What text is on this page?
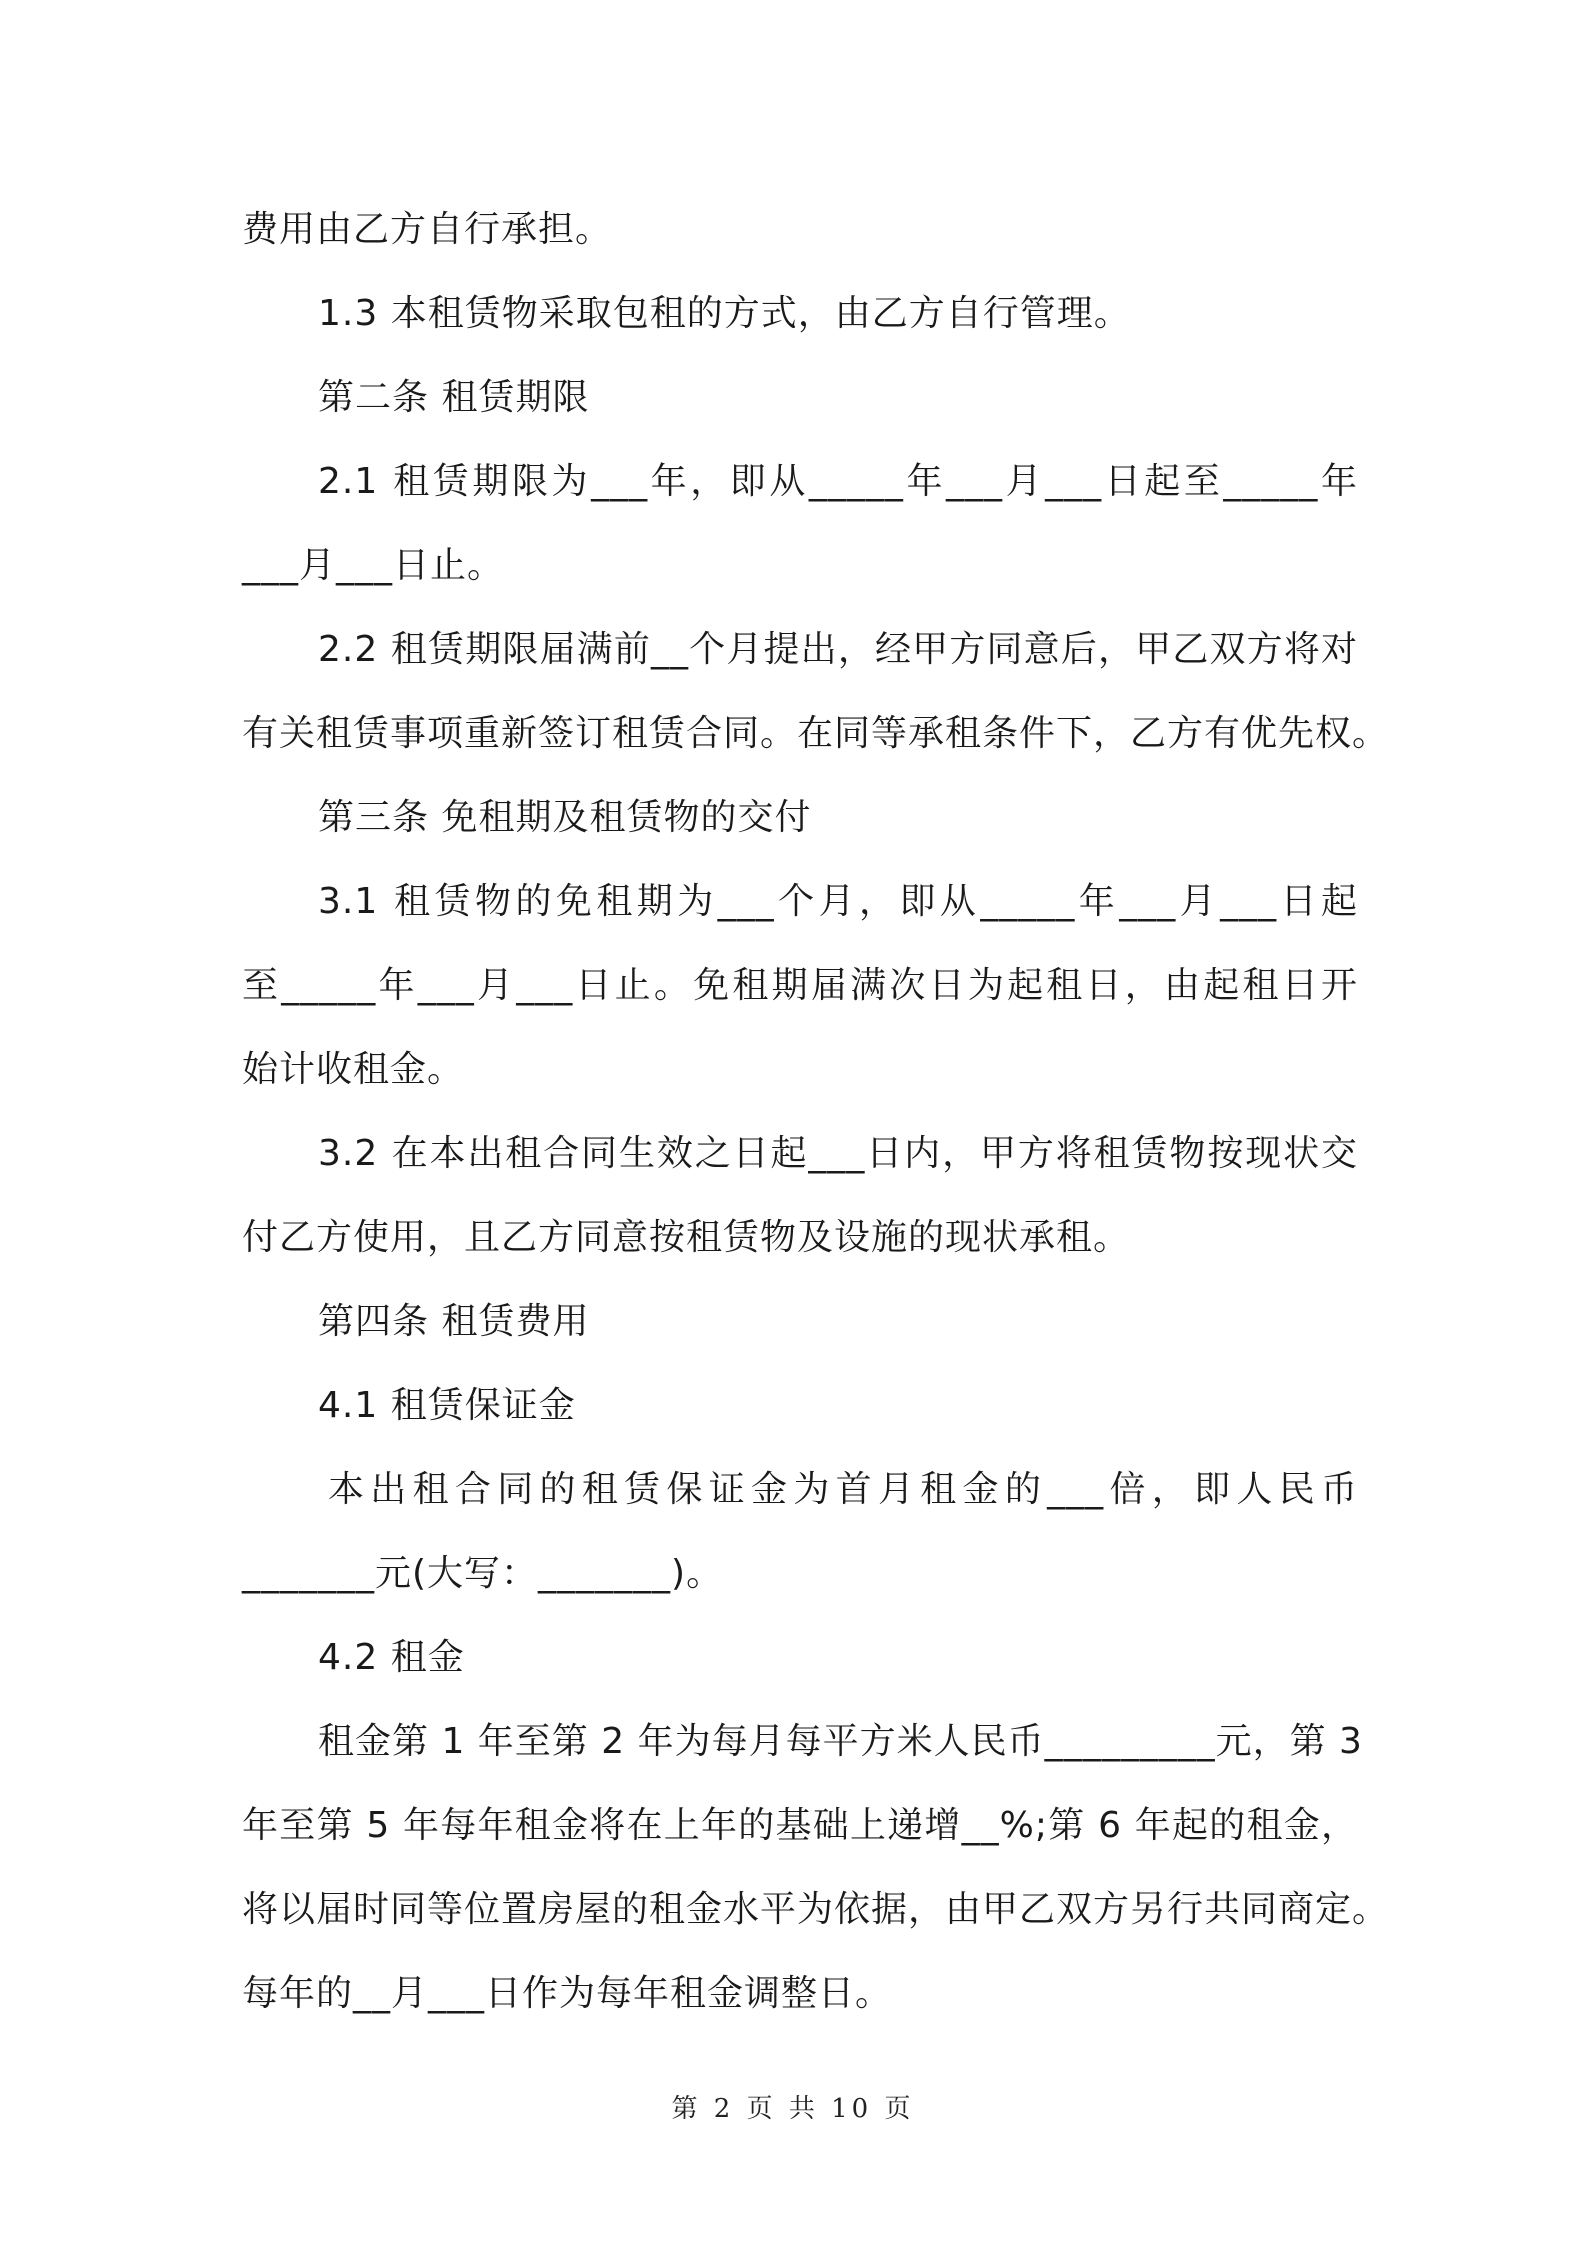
费用由乙方自行承担。
1.3 本租赁物采取包租的方式，由乙方自行管理。
第二条 租赁期限
2.1 租赁期限为___年，即从_____年___月___日起至_____年
___月___日止。
2.2 租赁期限届满前__个月提出，经甲方同意后，甲乙双方将对
有关租赁事项重新签订租赁合同。在同等承租条件下，乙方有优先权。
第三条 免租期及租赁物的交付
3.1 租赁物的免租期为___个月，即从_____年___月___日起
至_____年___月___日止。免租期届满次日为起租日，由起租日开
始计收租金。
3.2 在本出租合同生效之日起___日内，甲方将租赁物按现状交
付乙方使用，且乙方同意按租赁物及设施的现状承租。
第四条 租赁费用
4.1 租赁保证金
本出租合同的租赁保证金为首月租金的___倍，即人民币
_______元(大写：_______)。
4.2 租金
租金第 1 年至第 2 年为每月每平方米人民币_________元，第 3
年至第 5 年每年租金将在上年的基础上递增__%;第 6 年起的租金，
将以届时同等位置房屋的租金水平为依据，由甲乙双方另行共同商定。
每年的__月___日作为每年租金调整日。
第 2 页 共 10 页
